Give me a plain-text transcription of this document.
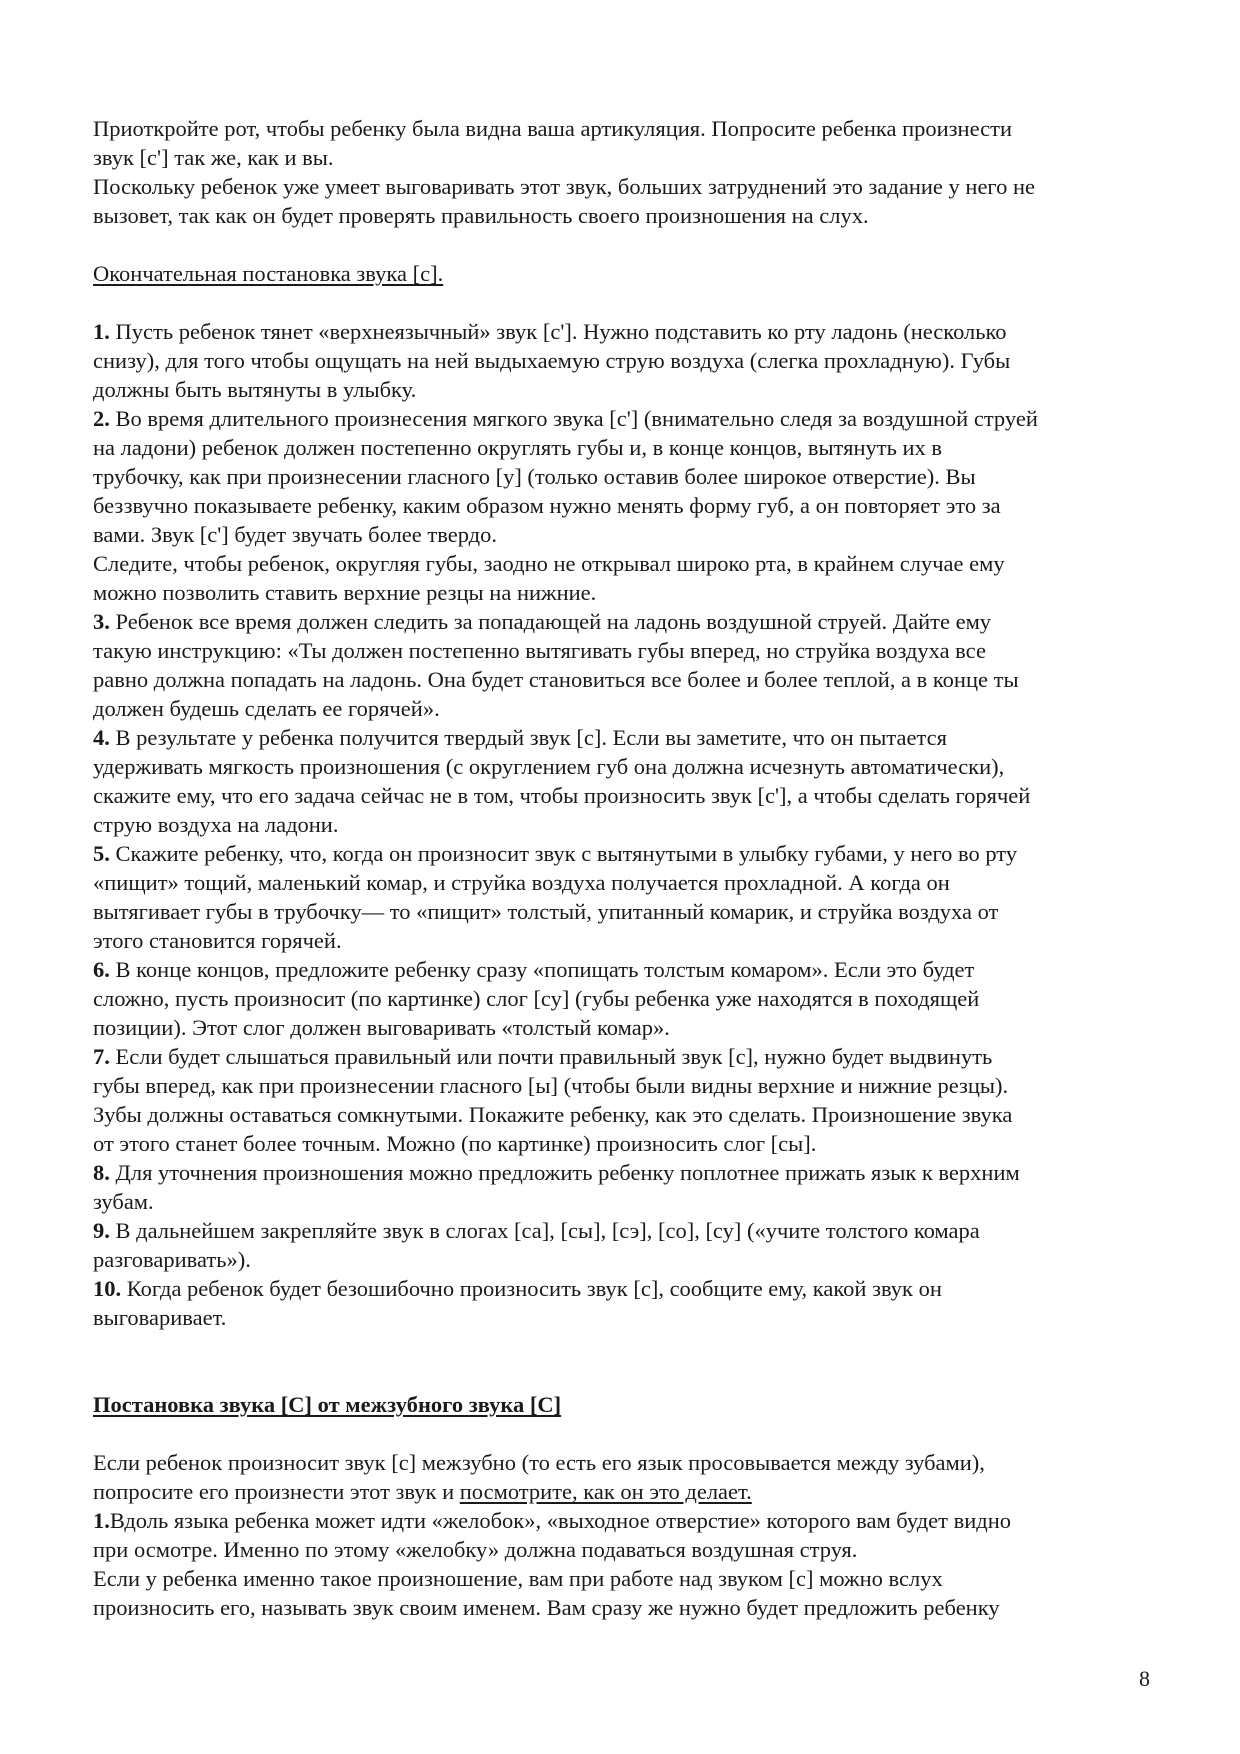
Приоткройте рот, чтобы ребенку была видна ваша артикуляция. Попросите ребенка произнести

звук [с'] так же, как и вы.

Поскольку ребенок уже умеет выговаривать этот звук, больших затруднений это задание у него не

вызовет, так как он будет проверять правильность своего произношения на слух.

Окончательная постановка звука [с].

1. Пусть ребенок тянет «верхнеязычный» звук [с']. Нужно подставить ко рту ладонь (несколько

снизу), для того чтобы ощущать на ней выдыхаемую струю воздуха (слегка прохладную). Губы

должны быть вытянуты в улыбку.

2. Во время длительного произнесения мягкого звука [с'] (внимательно следя за воздушной струей

на ладони) ребенок должен постепенно округлять губы и, в конце концов, вытянуть их в

трубочку, как при произнесении гласного [у] (только оставив более широкое отверстие). Вы

беззвучно показываете ребенку, каким образом нужно менять форму губ, а он повторяет это за

вами. Звук [с'] будет звучать более твердо.

Следите, чтобы ребенок, округляя губы, заодно не открывал широко рта, в крайнем случае ему

можно позволить ставить верхние резцы на нижние.

3. Ребенок все время должен следить за попадающей на ладонь воздушной струей. Дайте ему

такую инструкцию: «Ты должен постепенно вытягивать губы вперед, но струйка воздуха все

равно должна попадать на ладонь. Она будет становиться все более и более теплой, а в конце ты

должен будешь сделать ее горячей».

4. В результате у ребенка получится твердый звук [с]. Если вы заметите, что он пытается

удерживать мягкость произношения (с округлением губ она должна исчезнуть автоматически),

скажите ему, что его задача сейчас не в том, чтобы произносить звук [с'], а чтобы сделать горячей

струю воздуха на ладони.

5. Скажите ребенку, что, когда он произносит звук с вытянутыми в улыбку губами, у него во рту

«пищит» тощий, маленький комар, и струйка воздуха получается прохладной. А когда он

вытягивает губы в трубочку— то «пищит» толстый, упитанный комарик, и струйка воздуха от

этого становится горячей.

6. В конце концов, предложите ребенку сразу «попищать толстым комаром». Если это будет

сложно, пусть произносит (по картинке) слог [су] (губы ребенка уже находятся в походящей

позиции). Этот слог должен выговаривать «толстый комар».

7. Если будет слышаться правильный или почти правильный звук [с], нужно будет выдвинуть

губы вперед, как при произнесении гласного [ы] (чтобы были видны верхние и нижние резцы).

Зубы должны оставаться сомкнутыми. Покажите ребенку, как это сделать. Произношение звука

от этого станет более точным. Можно (по картинке) произносить слог [сы].

8. Для уточнения произношения можно предложить ребенку поплотнее прижать язык к верхним

зубам.

9. В дальнейшем закрепляйте звук в слогах [са], [сы], [сэ], [со], [су] («учите толстого комара

разговаривать»).

10. Когда ребенок будет безошибочно произносить звук [с], сообщите ему, какой звук он

выговаривает.

Постановка звука [С] от межзубного звука [С]

Если ребенок произносит звук [с] межзубно (то есть его язык просовывается между зубами),

попросите его произнести этот звук и посмотрите, как он это делает.

1.Вдоль языка ребенка может идти «желобок», «выходное отверстие» которого вам будет видно

при осмотре. Именно по этому «желобку» должна подаваться воздушная струя.

Если у ребенка именно такое произношение, вам при работе над звуком [с] можно вслух

произносить его, называть звук своим именем. Вам сразу же нужно будет предложить ребенку

8
